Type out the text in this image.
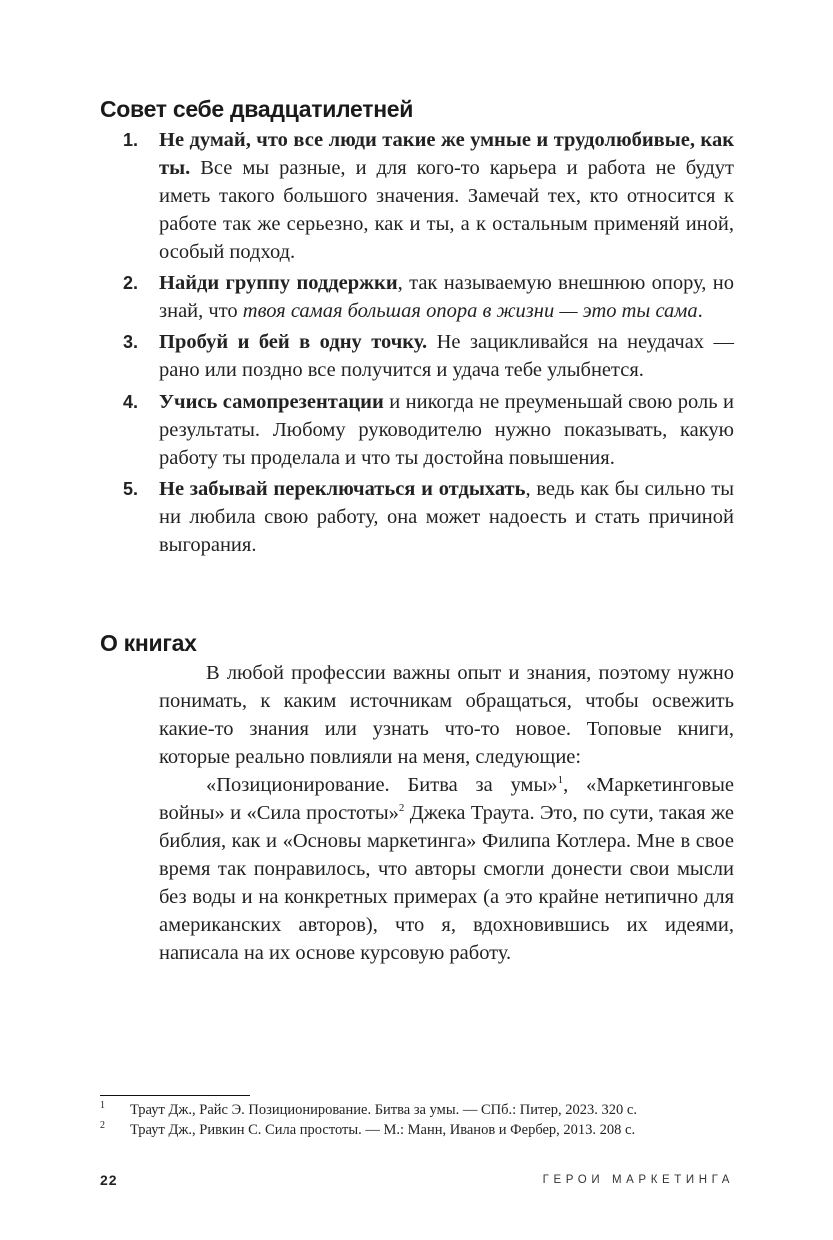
Совет себе двадцатилетней
1. Не думай, что все люди такие же умные и трудолюбивые, как ты. Все мы разные, и для кого-то карьера и работа не будут иметь такого большого значения. Замечай тех, кто относится к работе так же серьезно, как и ты, а к остальным применяй иной, особый подход.
2. Найди группу поддержки, так называемую внешнюю опору, но знай, что твоя самая большая опора в жизни — это ты сама.
3. Пробуй и бей в одну точку. Не зацикливайся на неудачах — рано или поздно все получится и удача тебе улыбнется.
4. Учись самопрезентации и никогда не преуменьшай свою роль и результаты. Любому руководителю нужно показывать, какую работу ты проделала и что ты достойна повышения.
5. Не забывай переключаться и отдыхать, ведь как бы сильно ты ни любила свою работу, она может надоесть и стать причиной выгорания.
О книгах

В любой профессии важны опыт и знания, поэтому нужно понимать, к каким источникам обращаться, чтобы освежить какие-то знания или узнать что-то новое. Топовые книги, которые реально повлияли на меня, следующие:

«Позиционирование. Битва за умы»$^1$, «Маркетинговые войны» и «Сила простоты»$^2$ Джека Траута. Это, по сути, такая же библия, как и «Основы маркетинга» Филипа Котлера. Мне в свое время так понравилось, что авторы смогли донести свои мысли без воды и на конкретных примерах (а это крайне нетипично для американских авторов), что я, вдохновившись их идеями, написала на их основе курсовую работу.

1 Траут Дж., Райс Э. Позиционирование. Битва за умы. — СПб.: Питер, 2023. 320 с.
2 Траут Дж., Ривкин С. Сила простоты. — М.: Манн, Иванов и Фербер, 2013. 208 с.
22	ГЕРОИ МАРКЕТИНГА
